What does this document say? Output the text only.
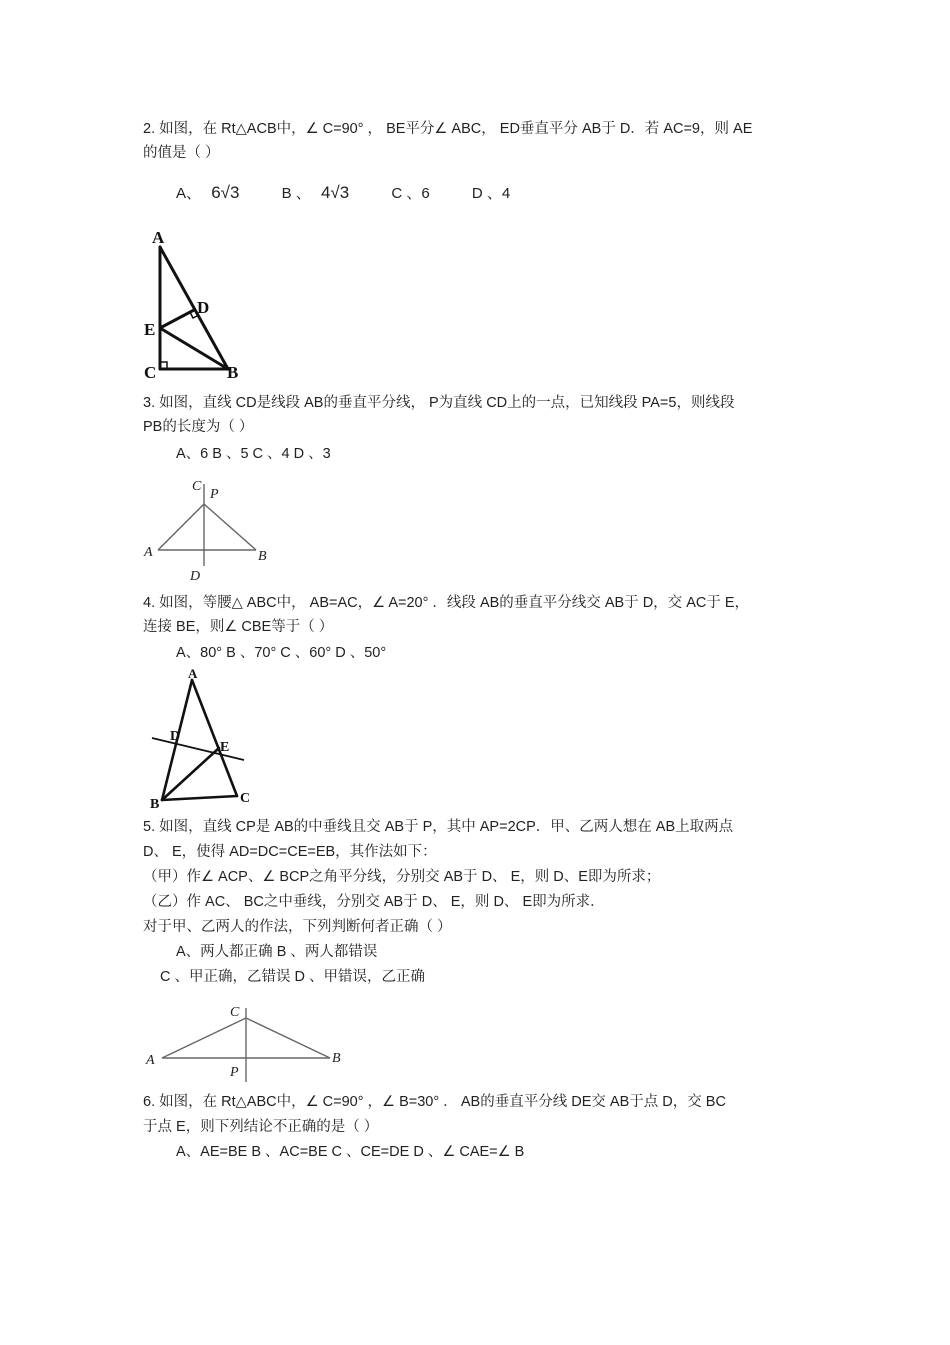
2. 如图，在 Rt△ACB中，∠ C=90° ， BE平分∠ ABC， ED垂直平分 AB于 D．若 AC=9，则 AE
的值是（ ）
A、 6√3	B 、 4√3	C 、6	D 、4
A
D
E
C	B
3. 如图，直线 CD是线段 AB的垂直平分线， P为直线 CD上的一点，已知线段 PA=5，则线段
PB的长度为（ ）
A、6 B 、5 C 、4 D 、3
C
P
A	B
D
4. 如图，等腰△ ABC中， AB=AC，∠ A=20° ．线段 AB的垂直平分线交 AB于 D，交 AC于 E，
连接 BE，则∠ CBE等于（ ）
A、80° B 、70° C 、60° D 、50°
A
D
E
B	C
5. 如图，直线 CP是 AB的中垂线且交 AB于 P，其中 AP=2CP．甲、乙两人想在 AB上取两点
D、 E，使得 AD=DC=CE=EB，其作法如下：
（甲）作∠ ACP、∠ BCP之角平分线，分别交 AB于 D、 E，则 D、E即为所求；
（乙）作 AC、 BC之中垂线，分别交 AB于 D、 E，则 D、 E即为所求．
对于甲、乙两人的作法，下列判断何者正确（ ）
A、两人都正确 B 、两人都错误
C 、甲正确，乙错误 D 、甲错误，乙正确
C
A	B
P
6. 如图，在 Rt△ABC中，∠ C=90° ，∠ B=30° ． AB的垂直平分线 DE交 AB于点 D，交 BC
于点 E，则下列结论不正确的是（ ）
A、AE=BE B 、AC=BE C 、CE=DE D 、∠ CAE=∠ B
